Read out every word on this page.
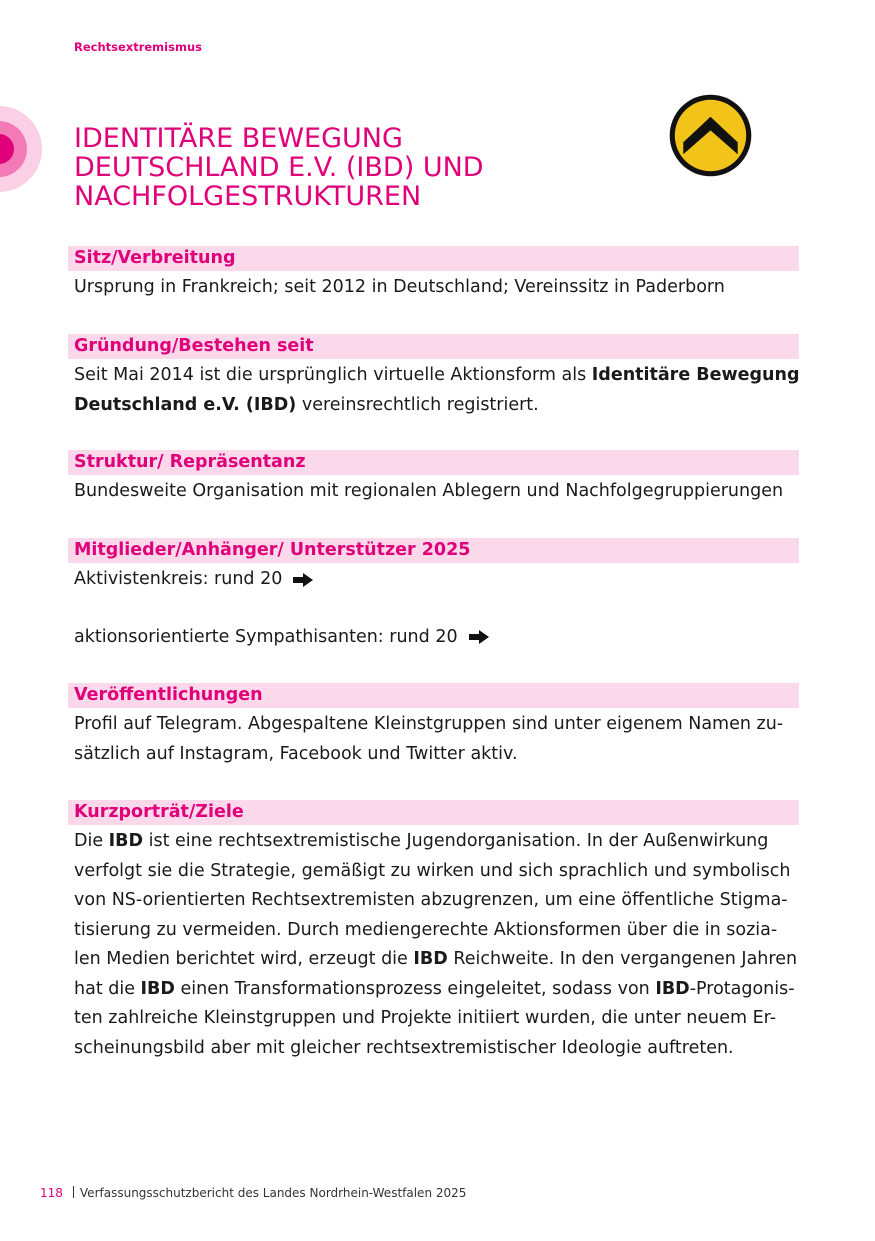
Rechtsextremismus
IDENTITÄRE BEWEGUNG
DEUTSCHLAND E.V. (IBD) UND
NACHFOLGESTRUKTUREN
Sitz/Verbreitung
Ursprung in Frankreich; seit 2012 in Deutschland; Vereinssitz in Paderborn
Gründung/Bestehen seit
Seit Mai 2014 ist die ursprünglich virtuelle Aktionsform als Identitäre Bewegung
Deutschland e.V. (IBD) vereinsrechtlich registriert.
Struktur/ Repräsentanz
Bundesweite Organisation mit regionalen Ablegern und Nachfolgegruppierungen
Mitglieder/Anhänger/ Unterstützer 2025
Aktivistenkreis: rund 20
aktionsorientierte Sympathisanten: rund 20
Veröffentlichungen
Profil auf Telegram. Abgespaltene Kleinstgruppen sind unter eigenem Namen zu-
sätzlich auf Instagram, Facebook und Twitter aktiv.
Kurzporträt/Ziele
Die IBD ist eine rechtsextremistische Jugendorganisation. In der Außenwirkung
verfolgt sie die Strategie, gemäßigt zu wirken und sich sprachlich und symbolisch
von NS-orientierten Rechtsextremisten abzugrenzen, um eine öffentliche Stigma-
tisierung zu vermeiden. Durch mediengerechte Aktionsformen über die in sozia-
len Medien berichtet wird, erzeugt die IBD Reichweite. In den vergangenen Jahren
hat die IBD einen Transformationsprozess eingeleitet, sodass von IBD-Protagonis-
ten zahlreiche Kleinstgruppen und Projekte initiiert wurden, die unter neuem Er-
scheinungsbild aber mit gleicher rechtsextremistischer Ideologie auftreten.
118 Verfassungsschutzbericht des Landes Nordrhein-Westfalen 2025
